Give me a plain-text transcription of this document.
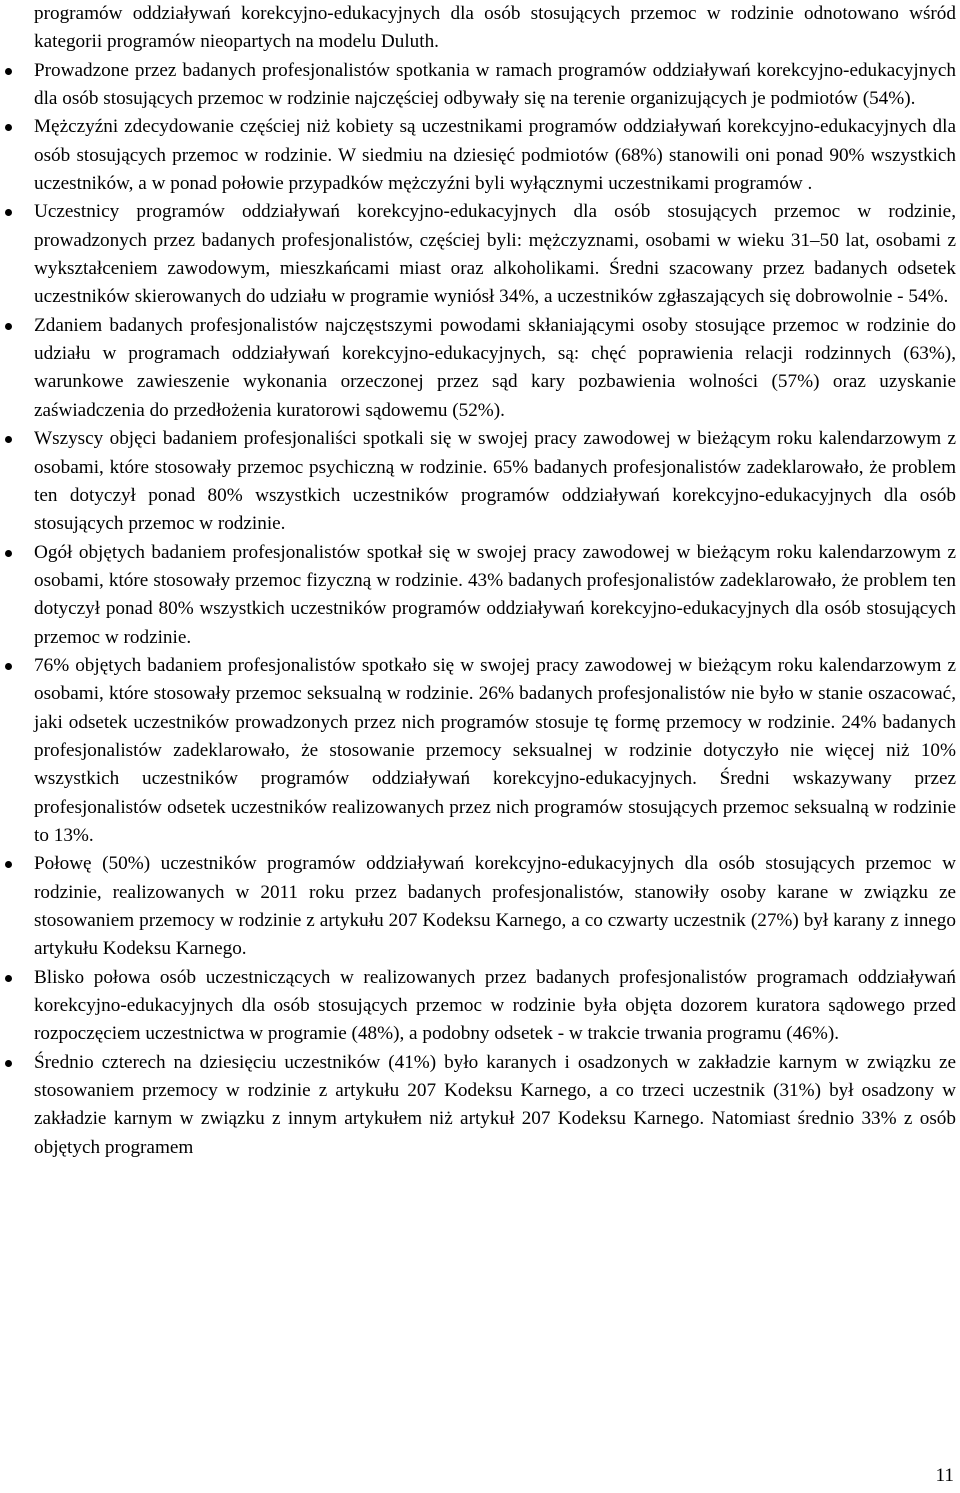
programów oddziaływań korekcyjno-edukacyjnych dla osób stosujących przemoc w rodzinie odnotowano wśród kategorii programów nieopartych na modelu Duluth.

Prowadzone przez badanych profesjonalistów spotkania w ramach programów oddziaływań korekcyjno-edukacyjnych dla osób stosujących przemoc w rodzinie najczęściej odbywały się na terenie organizujących je podmiotów (54%).
Mężczyźni zdecydowanie częściej niż kobiety są uczestnikami programów oddziaływań korekcyjno-edukacyjnych dla osób stosujących przemoc w rodzinie. W siedmiu na dziesięć podmiotów (68%) stanowili oni ponad 90% wszystkich uczestników, a w ponad połowie przypadków mężczyźni byli wyłącznymi uczestnikami programów .
Uczestnicy programów oddziaływań korekcyjno-edukacyjnych dla osób stosujących przemoc w rodzinie, prowadzonych przez badanych profesjonalistów, częściej byli: mężczyznami, osobami w wieku 31–50 lat, osobami z wykształceniem zawodowym, mieszkańcami miast oraz alkoholikami. Średni szacowany przez badanych odsetek uczestników skierowanych do udziału w programie wyniósł 34%, a uczestników zgłaszających się dobrowolnie - 54%.
Zdaniem badanych profesjonalistów najczęstszymi powodami skłaniającymi osoby stosujące przemoc w rodzinie do udziału w programach oddziaływań korekcyjno-edukacyjnych, są: chęć poprawienia relacji rodzinnych (63%), warunkowe zawieszenie wykonania orzeczonej przez sąd kary pozbawienia wolności (57%) oraz uzyskanie zaświadczenia do przedłożenia kuratorowi sądowemu (52%).
Wszyscy objęci badaniem profesjonaliści spotkali się w swojej pracy zawodowej w bieżącym roku kalendarzowym z osobami, które stosowały przemoc psychiczną w rodzinie. 65% badanych profesjonalistów zadeklarowało, że problem ten dotyczył ponad 80% wszystkich uczestników programów oddziaływań korekcyjno-edukacyjnych dla osób stosujących przemoc w rodzinie.
Ogół objętych badaniem profesjonalistów spotkał się w swojej pracy zawodowej w bieżącym roku kalendarzowym z osobami, które stosowały przemoc fizyczną w rodzinie. 43% badanych profesjonalistów zadeklarowało, że problem ten dotyczył ponad 80% wszystkich uczestników programów oddziaływań korekcyjno-edukacyjnych dla osób stosujących przemoc w rodzinie.
76% objętych badaniem profesjonalistów spotkało się w swojej pracy zawodowej w bieżącym roku kalendarzowym z osobami, które stosowały przemoc seksualną w rodzinie. 26% badanych profesjonalistów nie było w stanie oszacować, jaki odsetek uczestników prowadzonych przez nich programów stosuje tę formę przemocy w rodzinie. 24% badanych profesjonalistów zadeklarowało, że stosowanie przemocy seksualnej w rodzinie dotyczyło nie więcej niż 10% wszystkich uczestników programów oddziaływań korekcyjno-edukacyjnych. Średni wskazywany przez profesjonalistów odsetek uczestników realizowanych przez nich programów stosujących przemoc seksualną w rodzinie to 13%.
Połowę (50%) uczestników programów oddziaływań korekcyjno-edukacyjnych dla osób stosujących przemoc w rodzinie, realizowanych w 2011 roku przez badanych profesjonalistów, stanowiły osoby karane w związku ze stosowaniem przemocy w rodzinie z artykułu 207 Kodeksu Karnego, a co czwarty uczestnik (27%) był karany z innego artykułu Kodeksu Karnego.
Blisko połowa osób uczestniczących w realizowanych przez badanych profesjonalistów programach oddziaływań korekcyjno-edukacyjnych dla osób stosujących przemoc w rodzinie była objęta dozorem kuratora sądowego przed rozpoczęciem uczestnictwa w programie (48%), a podobny odsetek - w trakcie trwania programu (46%).
Średnio czterech na dziesięciu uczestników (41%) było karanych i osadzonych w zakładzie karnym w związku ze stosowaniem przemocy w rodzinie z artykułu 207 Kodeksu Karnego, a co trzeci uczestnik (31%) był osadzony w zakładzie karnym w związku z innym artykułem niż artykuł 207 Kodeksu Karnego. Natomiast średnio 33% z osób objętych programem
11
